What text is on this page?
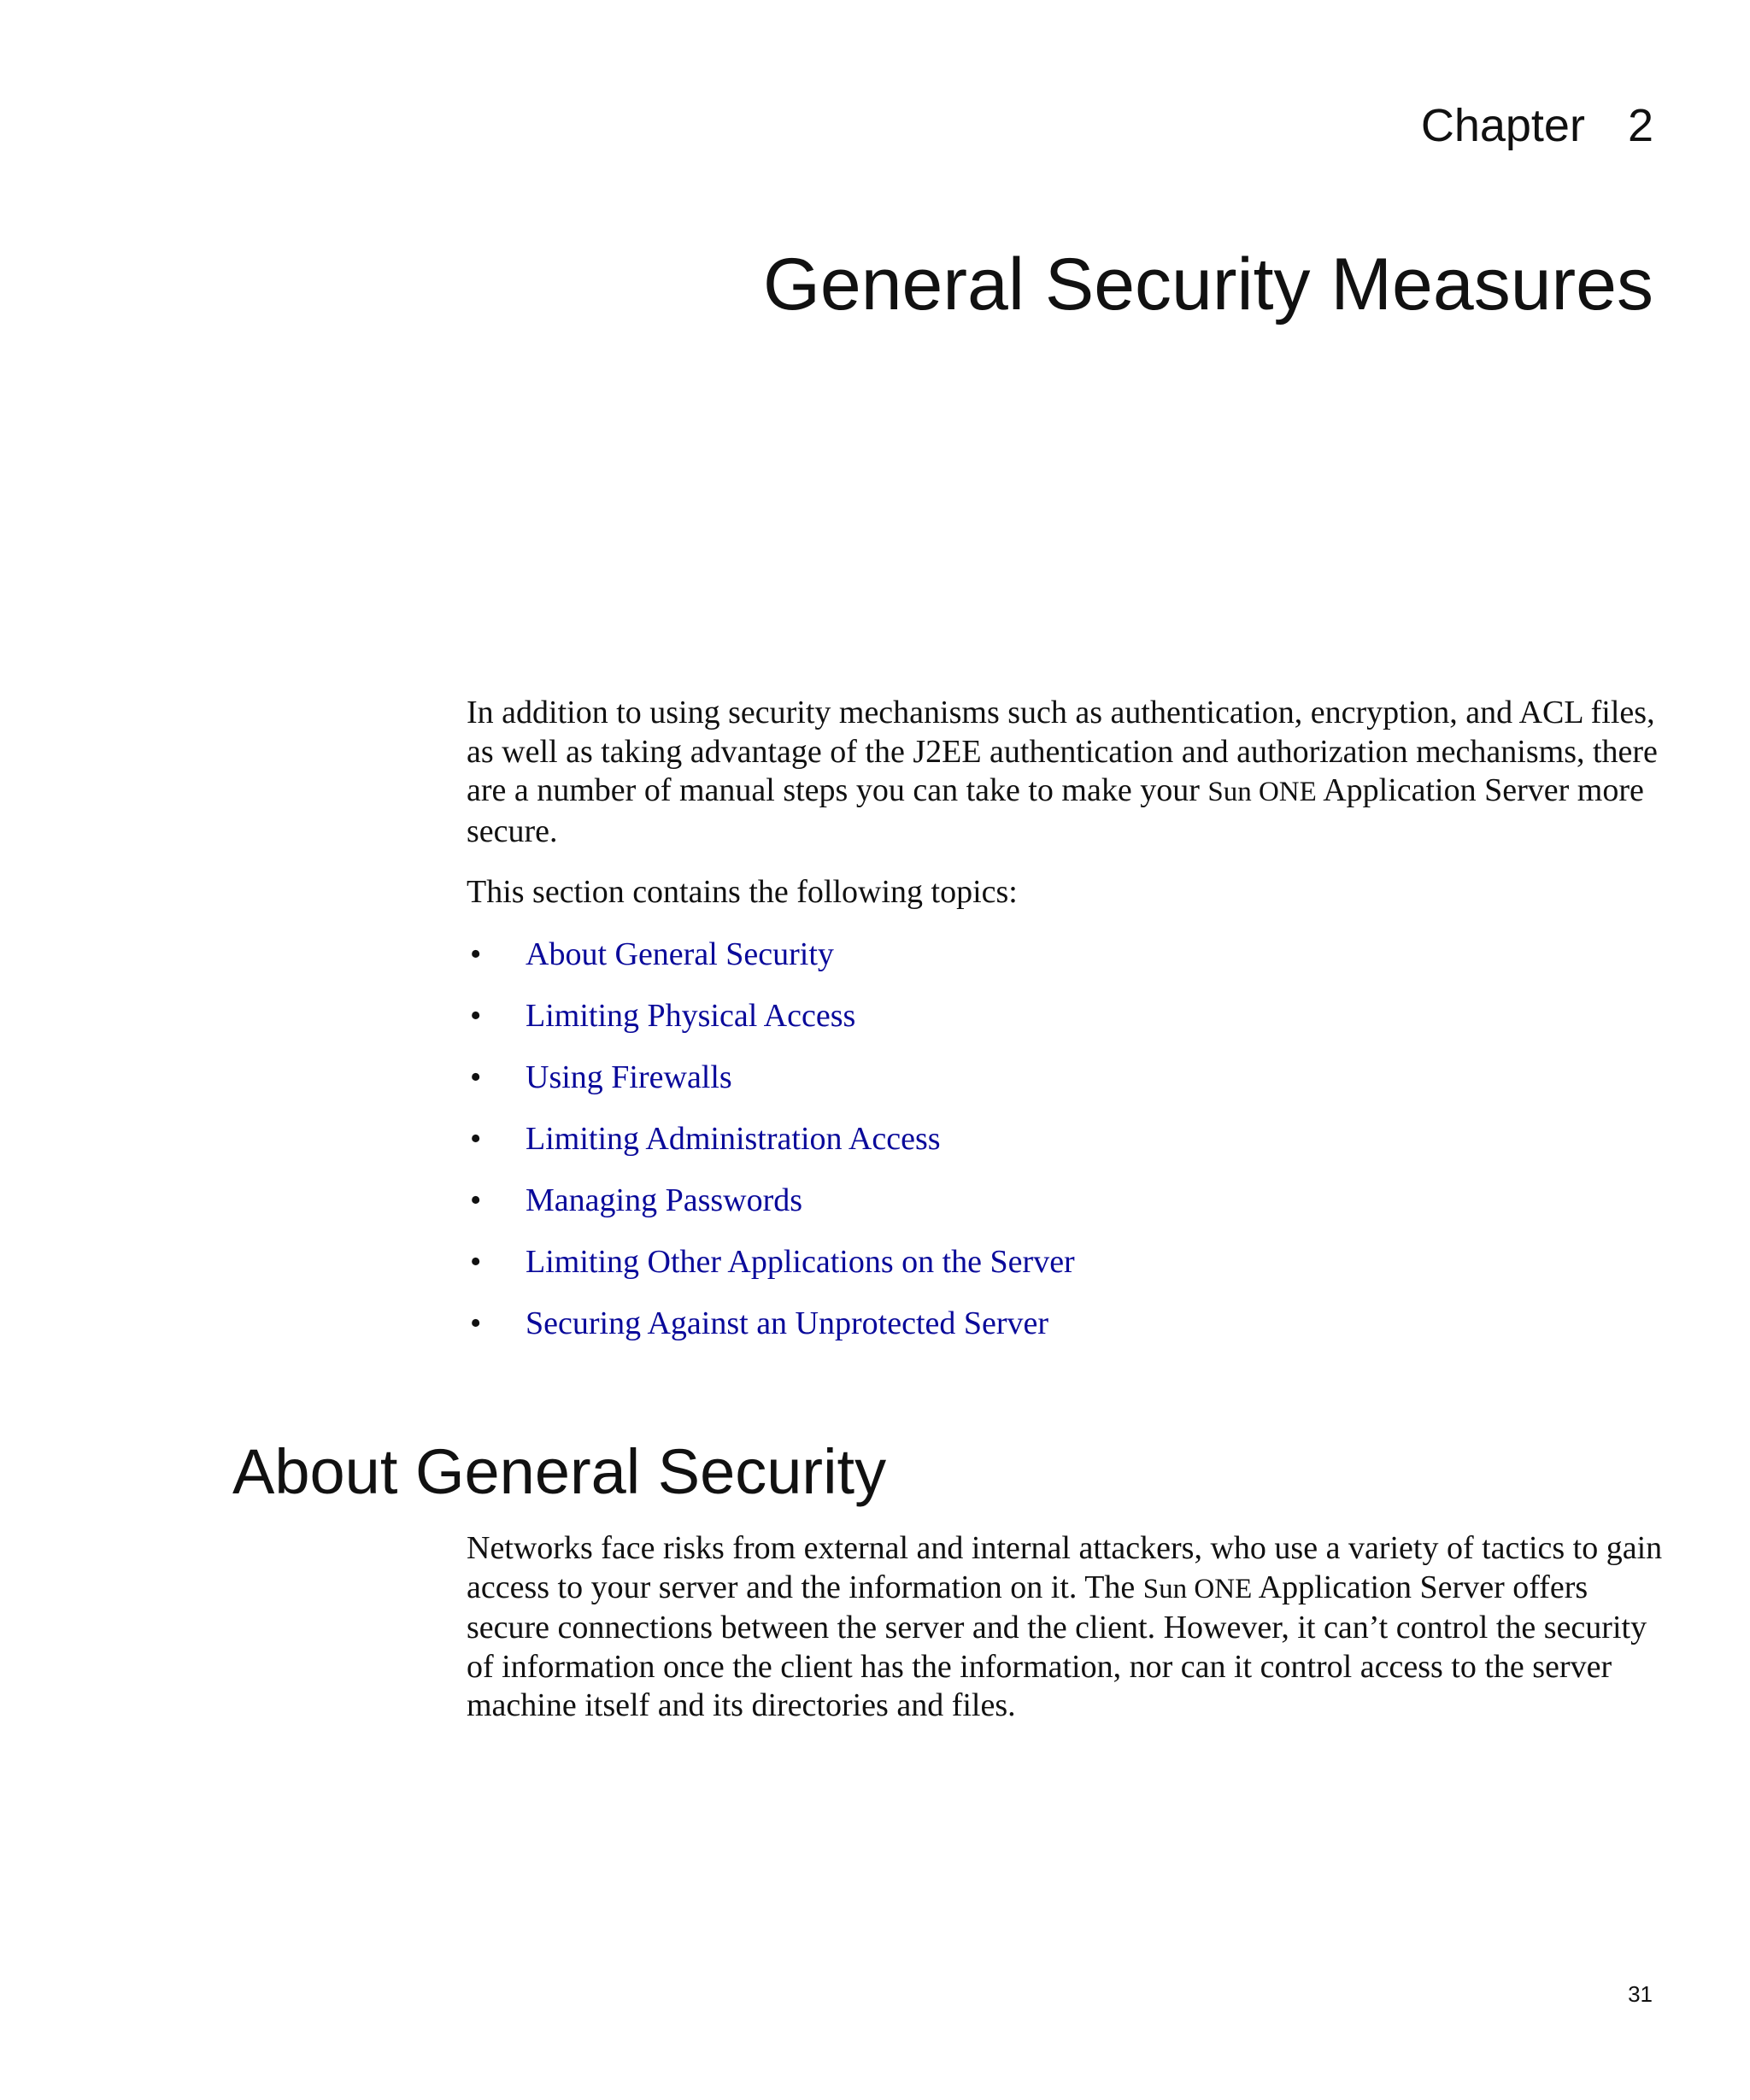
Chapter 2
General Security Measures

In addition to using security mechanisms such as authentication, encryption, and ACL files, as well as taking advantage of the J2EE authentication and authorization mechanisms, there are a number of manual steps you can take to make your Sun ONE Application Server more secure.

This section contains the following topics:

• About General Security
• Limiting Physical Access
• Using Firewalls
• Limiting Administration Access
• Managing Passwords
• Limiting Other Applications on the Server
• Securing Against an Unprotected Server
About General Security

Networks face risks from external and internal attackers, who use a variety of tactics to gain access to your server and the information on it. The Sun ONE Application Server offers secure connections between the server and the client. However, it can’t control the security of information once the client has the information, nor can it control access to the server machine itself and its directories and files.

31
